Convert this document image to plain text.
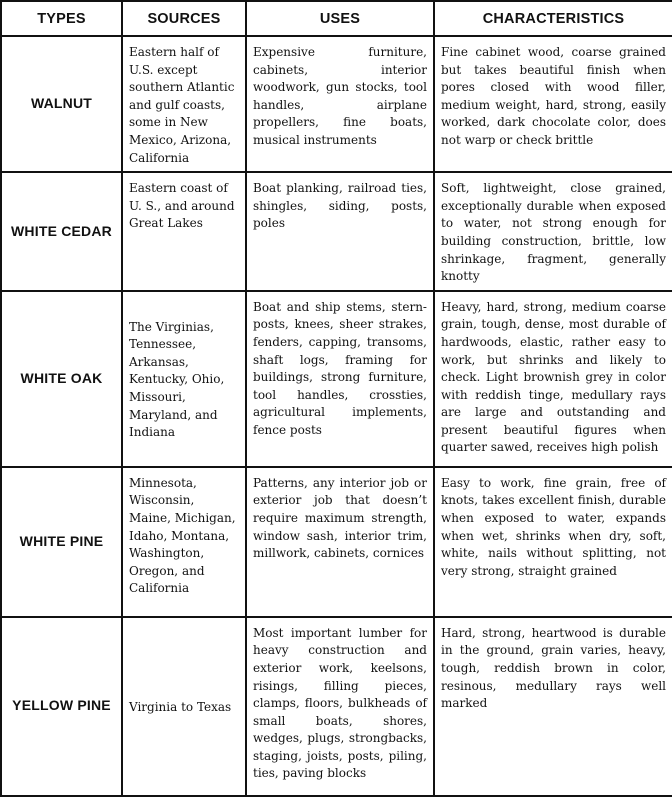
TYPES	SOURCES	USES	CHARACTERISTICS
WALNUT	Eastern half of U.S. except southern Atlantic and gulf coasts, some in New Mexico, Arizona, California	Expensive furniture, cabinets, interior woodwork, gun stocks, tool handles, airplane propellers, fine boats, musical instruments	Fine cabinet wood, coarse grained but takes beautiful finish when pores closed with wood filler, medium weight, hard, strong, easily worked, dark chocolate color, does not warp or check brittle
WHITE CEDAR	Eastern coast of U. S., and around Great Lakes	Boat planking, railroad ties, shingles, siding, posts, poles	Soft, lightweight, close grained, exceptionally durable when exposed to water, not strong enough for building construction, brittle, low shrinkage, fragment, generally knotty
WHITE OAK	The Virginias, Tennessee, Arkansas, Kentucky, Ohio, Missouri, Maryland, and Indiana	Boat and ship stems, stern-posts, knees, sheer strakes, fenders, capping, transoms, shaft logs, framing for buildings, strong furniture, tool handles, crossties, agricultural implements, fence posts	Heavy, hard, strong, medium coarse grain, tough, dense, most durable of hardwoods, elastic, rather easy to work, but shrinks and likely to check. Light brownish grey in color with reddish tinge, medullary rays are large and outstanding and present beautiful figures when quarter sawed, receives high polish
WHITE PINE	Minnesota, Wisconsin, Maine, Michigan, Idaho, Montana, Washington, Oregon, and California	Patterns, any interior job or exterior job that doesn’t require maximum strength, window sash, interior trim, millwork, cabinets, cornices	Easy to work, fine grain, free of knots, takes excellent finish, durable when exposed to water, expands when wet, shrinks when dry, soft, white, nails without splitting, not very strong, straight grained
YELLOW PINE	Virginia to Texas	Most important lumber for heavy construction and exterior work, keelsons, risings, filling pieces, clamps, floors, bulkheads of small boats, shores, wedges, plugs, strongbacks, staging, joists, posts, piling, ties, paving blocks	Hard, strong, heartwood is durable in the ground, grain varies, heavy, tough, reddish brown in color, resinous, medullary rays well marked
